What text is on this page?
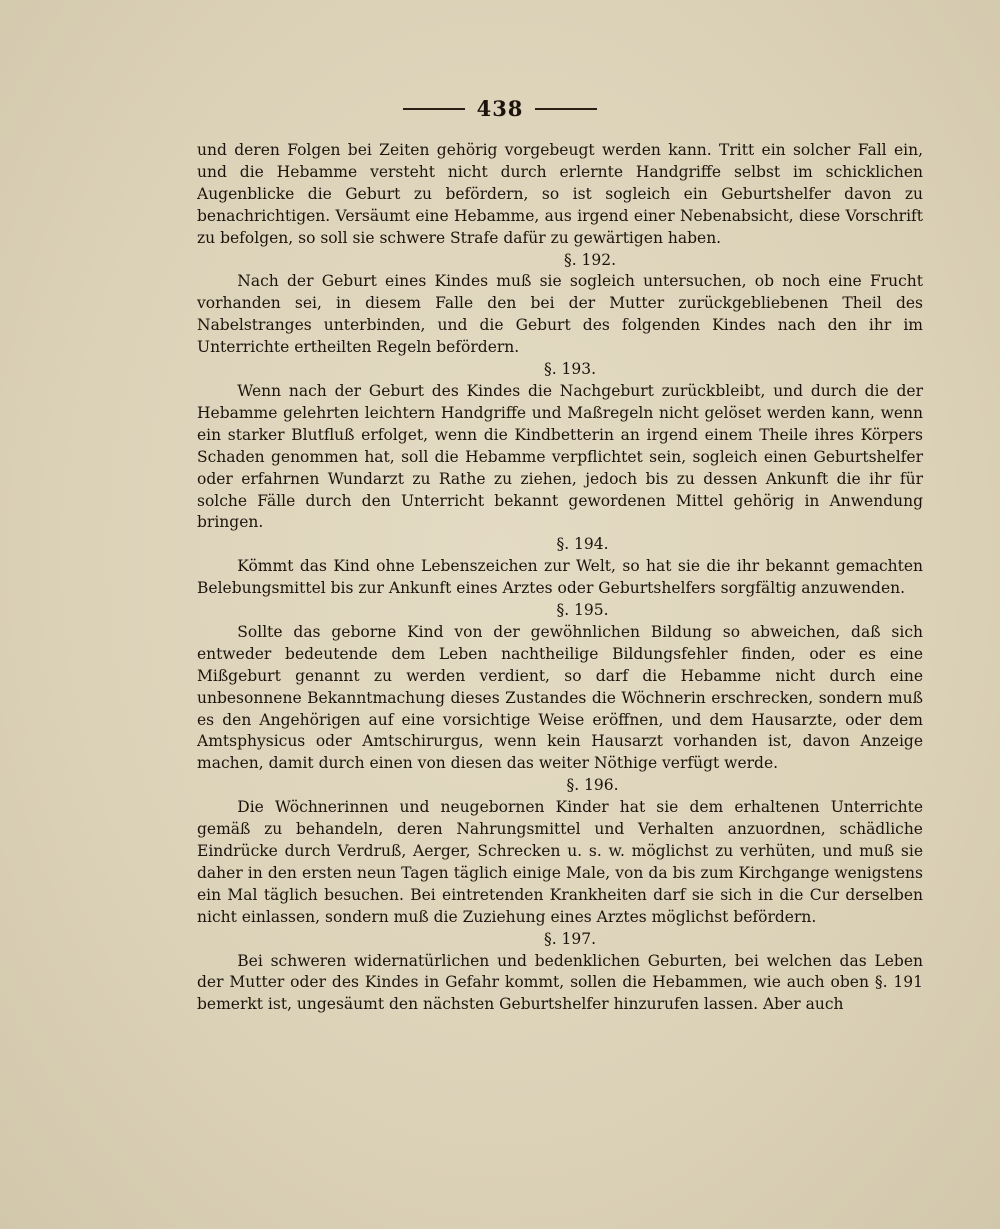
438

und deren Folgen bei Zeiten gehörig vorgebeugt werden kann. Tritt ein solcher Fall ein, und die Hebamme versteht nicht durch erlernte Handgriffe selbst im schicklichen Augenblicke die Geburt zu befördern, so ist sogleich ein Geburtshelfer davon zu benachrichtigen. Versäumt eine Hebamme, aus irgend einer Nebenabsicht, diese Vorschrift zu befolgen, so soll sie schwere Strafe dafür zu gewärtigen haben.

§. 192.

Nach der Geburt eines Kindes muß sie sogleich untersuchen, ob noch eine Frucht vorhanden sei, in diesem Falle den bei der Mutter zurückgebliebenen Theil des Nabelstranges unterbinden, und die Geburt des folgenden Kindes nach den ihr im Unterrichte ertheilten Regeln befördern.

§. 193.

Wenn nach der Geburt des Kindes die Nachgeburt zurückbleibt, und durch die der Hebamme gelehrten leichtern Handgriffe und Maßregeln nicht gelöset werden kann, wenn ein starker Blutfluß erfolget, wenn die Kindbetterin an irgend einem Theile ihres Körpers Schaden genommen hat, soll die Hebamme verpflichtet sein, sogleich einen Geburtshelfer oder erfahrnen Wundarzt zu Rathe zu ziehen, jedoch bis zu dessen Ankunft die ihr für solche Fälle durch den Unterricht bekannt gewordenen Mittel gehörig in Anwendung bringen.

§. 194.

Kömmt das Kind ohne Lebenszeichen zur Welt, so hat sie die ihr bekannt gemachten Belebungsmittel bis zur Ankunft eines Arztes oder Geburtshelfers sorgfältig anzuwenden.

§. 195.

Sollte das geborne Kind von der gewöhnlichen Bildung so abweichen, daß sich entweder bedeutende dem Leben nachtheilige Bildungsfehler finden, oder es eine Mißgeburt genannt zu werden verdient, so darf die Hebamme nicht durch eine unbesonnene Bekanntmachung dieses Zustandes die Wöchnerin erschrecken, sondern muß es den Angehörigen auf eine vorsichtige Weise eröffnen, und dem Hausarzte, oder dem Amtsphysicus oder Amtschirurgus, wenn kein Hausarzt vorhanden ist, davon Anzeige machen, damit durch einen von diesen das weiter Nöthige verfügt werde.

§. 196.

Die Wöchnerinnen und neugebornen Kinder hat sie dem erhaltenen Unterrichte gemäß zu behandeln, deren Nahrungsmittel und Verhalten anzuordnen, schädliche Eindrücke durch Verdruß, Aerger, Schrecken u. s. w. möglichst zu verhüten, und muß sie daher in den ersten neun Tagen täglich einige Male, von da bis zum Kirchgange wenigstens ein Mal täglich besuchen. Bei eintretenden Krankheiten darf sie sich in die Cur derselben nicht einlassen, sondern muß die Zuziehung eines Arztes möglichst befördern.

§. 197.

Bei schweren widernatürlichen und bedenklichen Geburten, bei welchen das Leben der Mutter oder des Kindes in Gefahr kommt, sollen die Hebammen, wie auch oben §. 191 bemerkt ist, ungesäumt den nächsten Geburtshelfer hinzurufen lassen. Aber auch
